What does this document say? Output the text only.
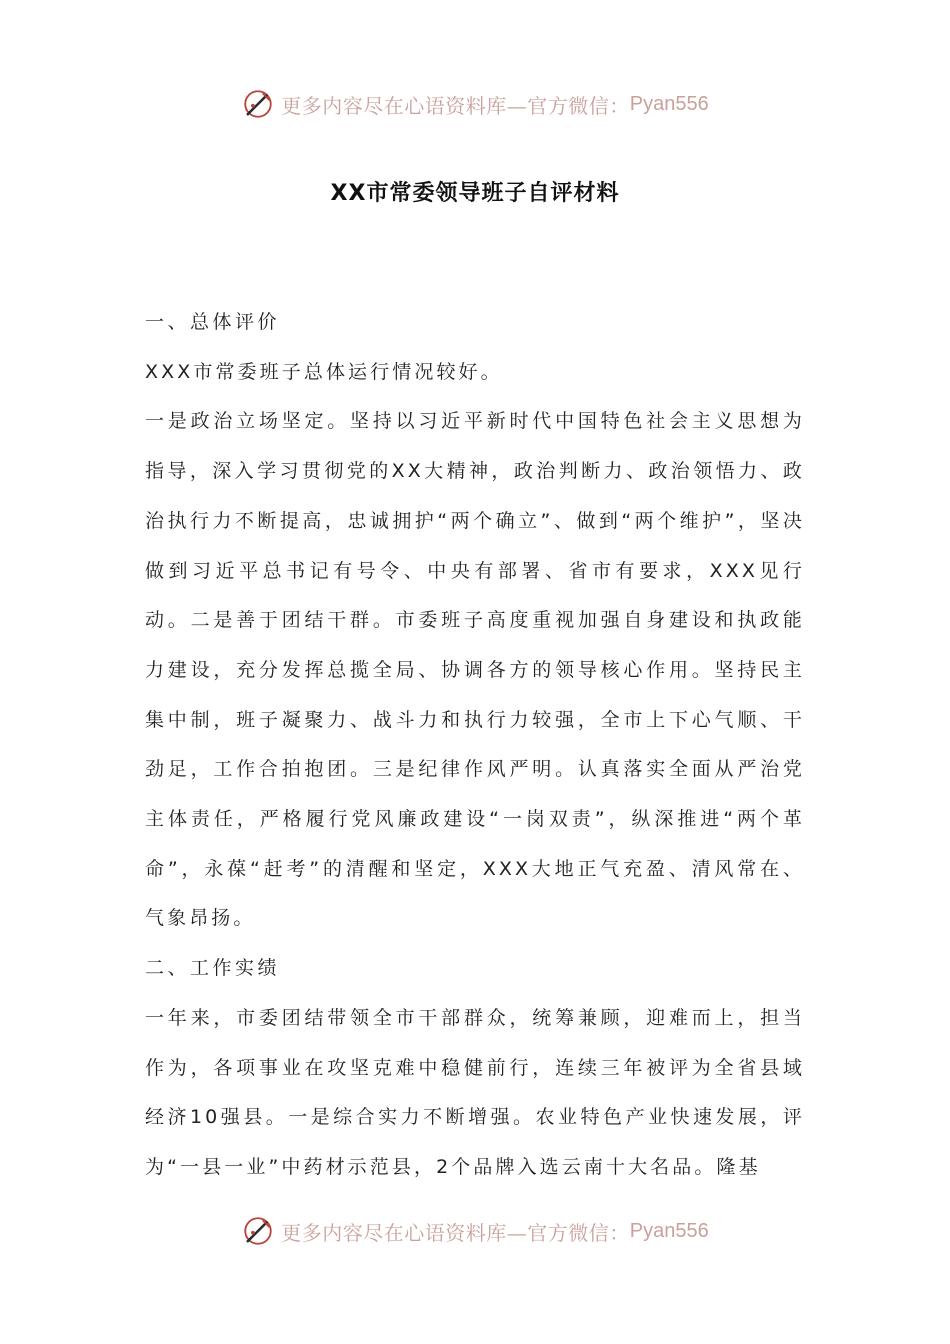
更多内容尽在心语资料库—官方微信： Pyan556
XX市常委领导班子自评材料

一、总体评价

XXX市常委班子总体运行情况较好。

一是政治立场坚定。坚持以习近平新时代中国特色社会主义思想为指导，深入学习贯彻党的XX大精神，政治判断力、政治领悟力、政治执行力不断提高，忠诚拥护“两个确立”、做到“两个维护”，坚决做到习近平总书记有号令、中央有部署、省市有要求，XXX见行动。二是善于团结干群。市委班子高度重视加强自身建设和执政能力建设，充分发挥总揽全局、协调各方的领导核心作用。坚持民主集中制，班子凝聚力、战斗力和执行力较强，全市上下心气顺、干劲足，工作合拍抱团。三是纪律作风严明。认真落实全面从严治党主体责任，严格履行党风廉政建设“一岗双责”，纵深推进“两个革命”，永葆“赶考”的清醒和坚定，XXX大地正气充盈、清风常在、气象昂扬。

二、工作实绩

一年来，市委团结带领全市干部群众，统筹兼顾，迎难而上，担当作为，各项事业在攻坚克难中稳健前行，连续三年被评为全省县域经济10强县。一是综合实力不断增强。农业特色产业快速发展，评为“一县一业”中药材示范县，2个品牌入选云南十大名品。隆基

更多内容尽在心语资料库—官方微信： Pyan556
